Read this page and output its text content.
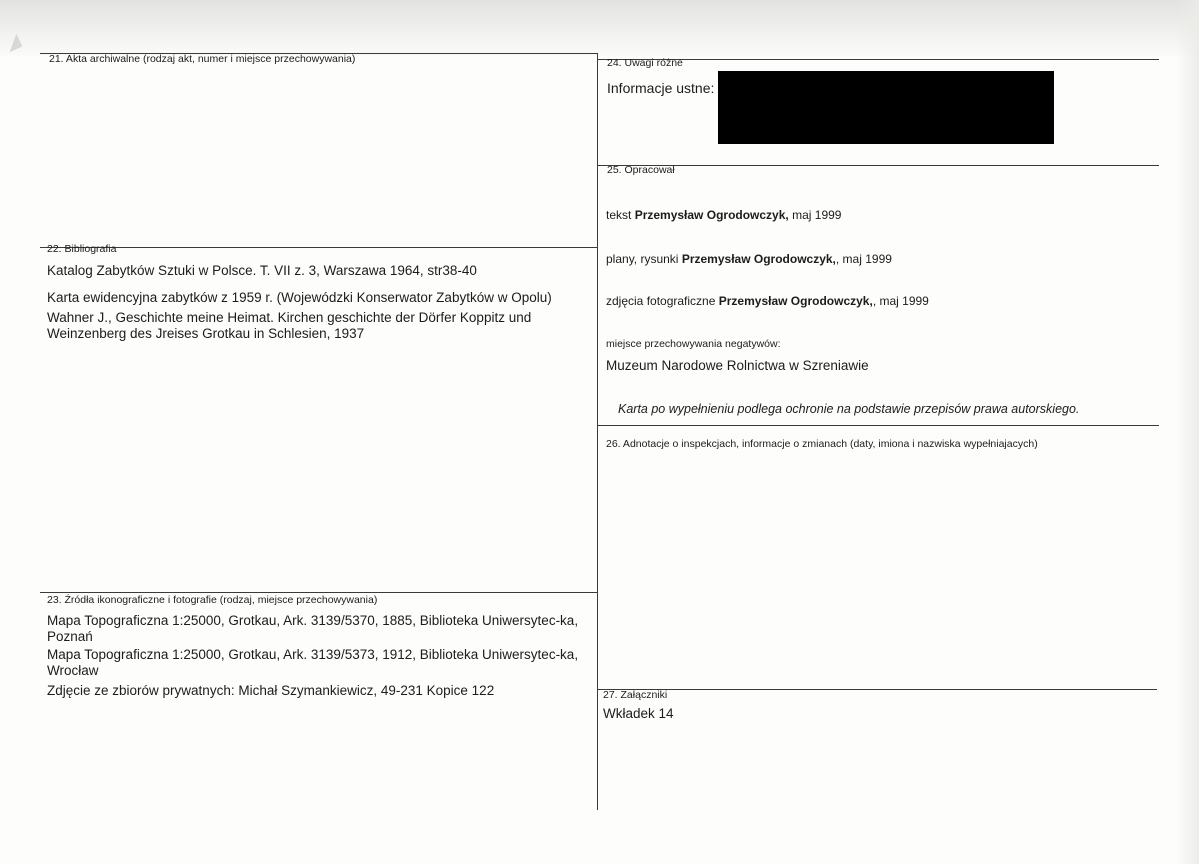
21. Akta archiwalne (rodzaj akt, numer i miejsce przechowywania)
22. Bibliografia
Katalog Zabytków Sztuki w Polsce. T. VII z. 3, Warszawa 1964, str38-40
Karta ewidencyjna zabytków z 1959 r. (Wojewódzki Konserwator Zabytków w Opolu)
Wahner J., Geschichte meine Heimat. Kirchen geschichte der Dörfer Koppitz und Weinzenberg des Jreises Grotkau in Schlesien, 1937
23. Źródła ikonograficzne i fotografie (rodzaj, miejsce przechowywania)
Mapa Topograficzna 1:25000, Grotkau, Ark. 3139/5370, 1885, Biblioteka Uniwersytec-ka, Poznań
Mapa Topograficzna 1:25000, Grotkau, Ark. 3139/5373, 1912, Biblioteka Uniwersytec-ka, Wrocław
Zdjęcie ze zbiorów prywatnych: Michał Szymankiewicz, 49-231 Kopice 122
24. Uwagi różne
Informacje ustne:
25. Opracował
tekst Przemysław Ogrodowczyk, maj 1999
plany, rysunki Przemysław Ogrodowczyk,, maj 1999
zdjęcia fotograficzne Przemysław Ogrodowczyk,, maj 1999
miejsce przechowywania negatywów:
Muzeum Narodowe Rolnictwa w Szreniawie
Karta po wypełnieniu podlega ochronie na podstawie przepisów prawa autorskiego.
26. Adnotacje o inspekcjach, informacje o zmianach (daty, imiona i nazwiska wypełniajacych)
27. Załączniki
Wkładek 14
